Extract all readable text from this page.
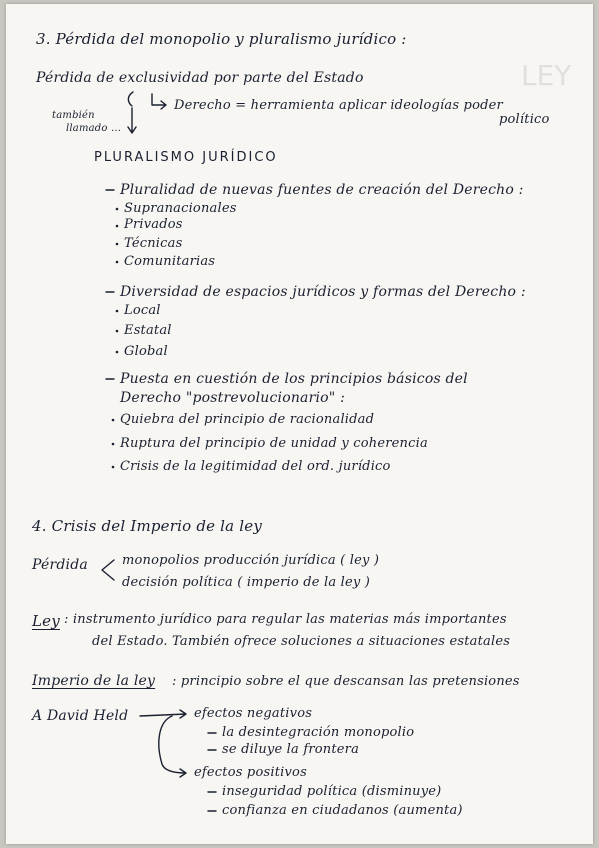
LEY
3. Pérdida del monopolio y pluralismo jurídico :
Pérdida de exclusividad por parte del Estado
también
llamado ...
Derecho = herramienta aplicar ideologías poder
político
PLURALISMO JURÍDICO
Pluralidad de nuevas fuentes de creación del Derecho :
Supranacionales
Privados
Técnicas
Comunitarias
Diversidad de espacios jurídicos y formas del Derecho :
Local
Estatal
Global
Puesta en cuestión de los principios básicos del
Derecho "postrevolucionario" :
Quiebra del principio de racionalidad
Ruptura del principio de unidad y coherencia
Crisis de la legitimidad del ord. jurídico
4. Crisis del Imperio de la ley
Pérdida	monopolios producción jurídica ( ley )
decisión política ( imperio de la ley )
Ley : instrumento jurídico para regular las materias más importantes
del Estado. También ofrece soluciones a situaciones estatales
Imperio de la ley : principio sobre el que descansan las pretensiones
A David Held	efectos negativos
la desintegración monopolio
se diluye la frontera
efectos positivos
inseguridad política (disminuye)
confianza en ciudadanos (aumenta)
